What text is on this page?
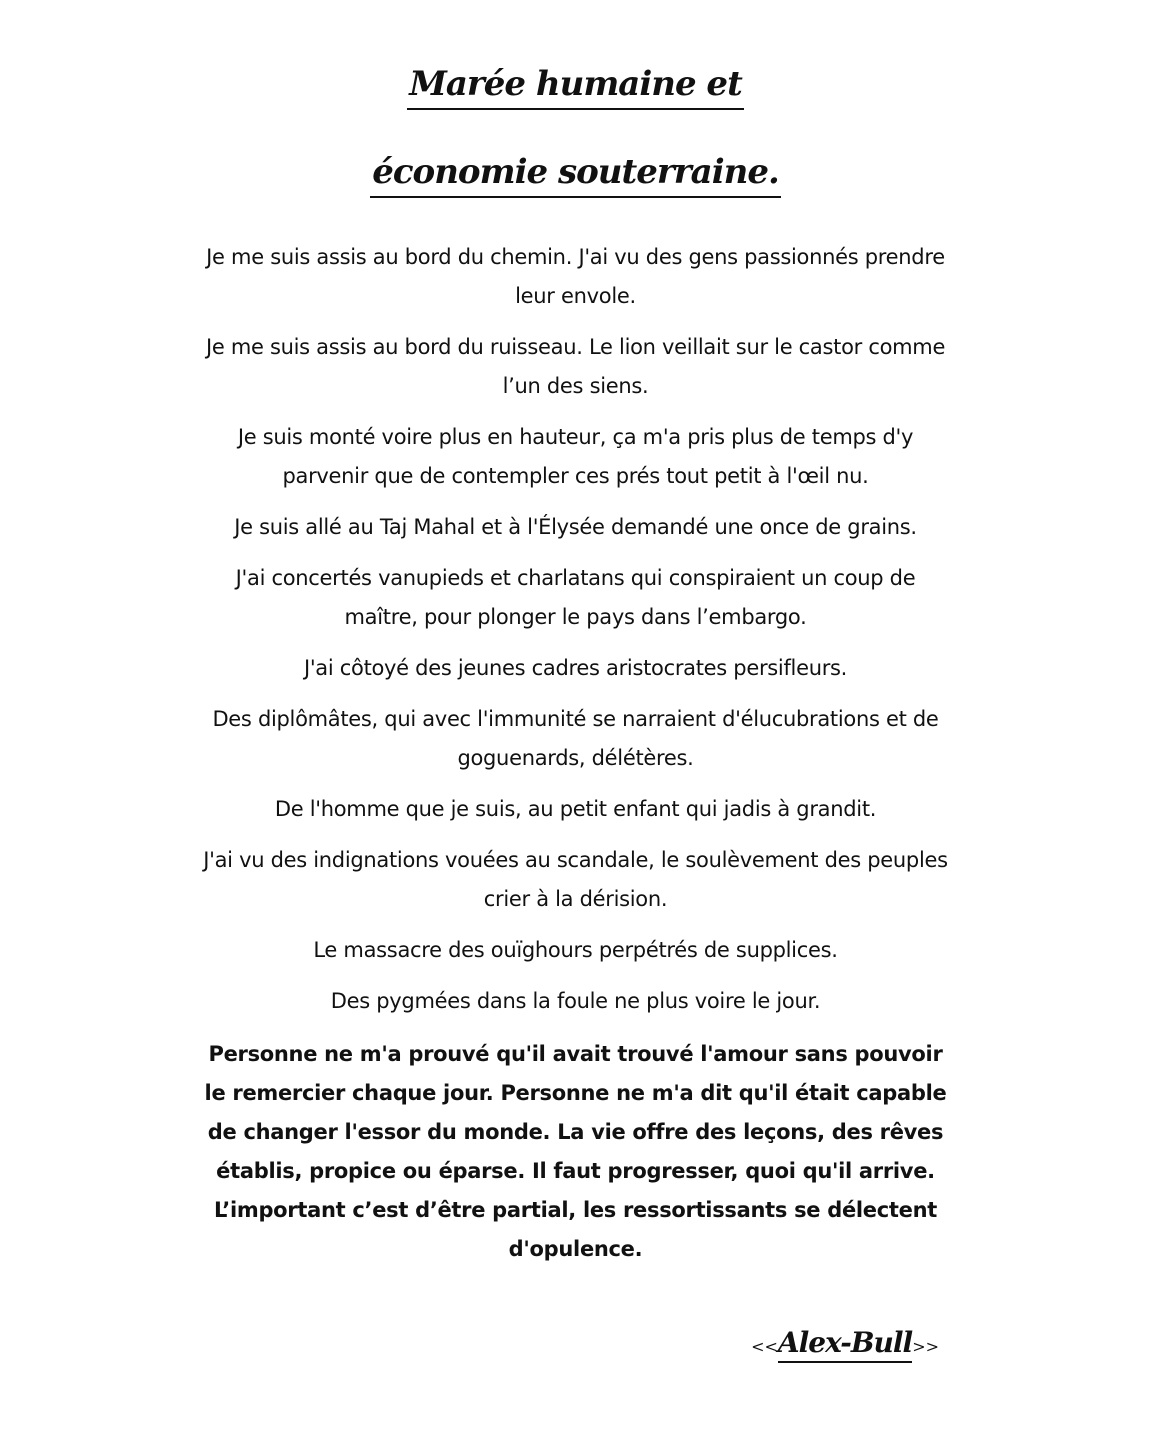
Marée humaine et
économie souterraine.

Je me suis assis au bord du chemin. J'ai vu des gens passionnés prendre leur envole.

Je me suis assis au bord du ruisseau. Le lion veillait sur le castor comme l’un des siens.

Je suis monté voire plus en hauteur, ça m'a pris plus de temps d'y parvenir que de contempler ces prés tout petit à l'œil nu.

Je suis allé au Taj Mahal et à l'Élysée demandé une once de grains.

J'ai concertés vanupieds et charlatans qui conspiraient un coup de maître, pour plonger le pays dans l’embargo.

J'ai côtoyé des jeunes cadres aristocrates persifleurs.

Des diplômâtes, qui avec l'immunité se narraient d'élucubrations et de goguenards, délétères.

De l'homme que je suis, au petit enfant qui jadis à grandit.

J'ai vu des indignations vouées au scandale, le soulèvement des peuples crier à la dérision.

Le massacre des ouïghours perpétrés de supplices.

Des pygmées dans la foule ne plus voire le jour.

Personne ne m'a prouvé qu'il avait trouvé l'amour sans pouvoir le remercier chaque jour. Personne ne m'a dit qu'il était capable de changer l'essor du monde. La vie offre des leçons, des rêves établis, propice ou éparse. Il faut progresser, quoi qu'il arrive. L’important c’est d’être partial, les ressortissants se délectent d'opulence.

<<Alex-Bull>>
